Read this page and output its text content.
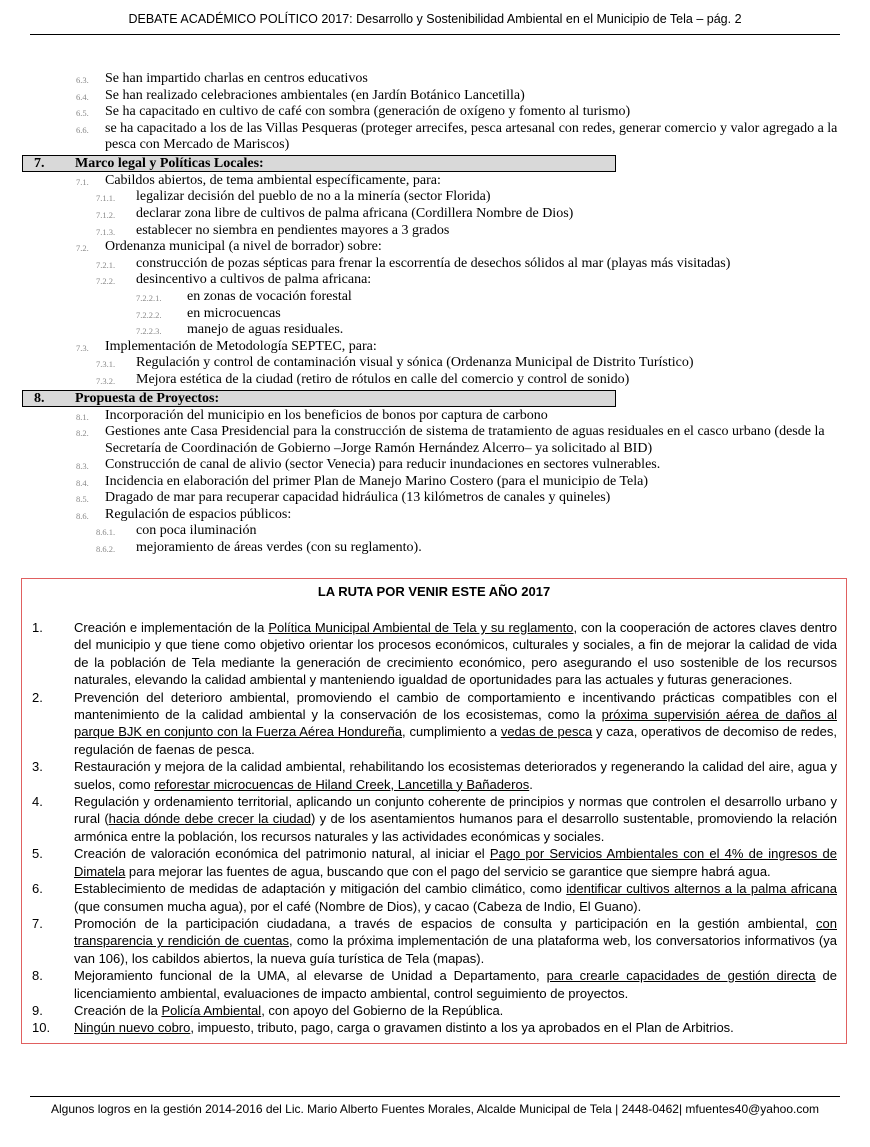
DEBATE ACADÉMICO POLÍTICO 2017: Desarrollo y Sostenibilidad Ambiental en el Municipio de Tela – pág. 2
6.3. Se han impartido charlas en centros educativos
6.4. Se han realizado celebraciones ambientales (en Jardín Botánico Lancetilla)
6.5. Se ha capacitado en cultivo de café con sombra (generación de oxígeno y fomento al turismo)
6.6. se ha capacitado a los de las Villas Pesqueras (proteger arrecifes, pesca artesanal con redes, generar comercio y valor agregado a la pesca con Mercado de Mariscos)
7. Marco legal y Políticas Locales:
7.1. Cabildos abiertos, de tema ambiental específicamente, para:
7.1.1. legalizar decisión del pueblo de no a la minería (sector Florida)
7.1.2. declarar zona libre de cultivos de palma africana (Cordillera Nombre de Dios)
7.1.3. establecer no siembra en pendientes mayores a 3 grados
7.2. Ordenanza municipal (a nivel de borrador) sobre:
7.2.1. construcción de pozas sépticas para frenar la escorrentía de desechos sólidos al mar (playas más visitadas)
7.2.2. desincentivo a cultivos de palma africana:
7.2.2.1. en zonas de vocación forestal
7.2.2.2. en microcuencas
7.2.2.3. manejo de aguas residuales.
7.3. Implementación de Metodología SEPTEC, para:
7.3.1. Regulación y control de contaminación visual y sónica (Ordenanza Municipal de Distrito Turístico)
7.3.2. Mejora estética de la ciudad (retiro de rótulos en calle del comercio y control de sonido)
8. Propuesta de Proyectos:
8.1. Incorporación del municipio en los beneficios de bonos por captura de carbono
8.2. Gestiones ante Casa Presidencial para la construcción de sistema de tratamiento de aguas residuales en el casco urbano (desde la Secretaría de Coordinación de Gobierno –Jorge Ramón Hernández Alcerro– ya solicitado al BID)
8.3. Construcción de canal de alivio (sector Venecia) para reducir inundaciones en sectores vulnerables.
8.4. Incidencia en elaboración del primer Plan de Manejo Marino Costero (para el municipio de Tela)
8.5. Dragado de mar para recuperar capacidad hidráulica (13 kilómetros de canales y quineles)
8.6. Regulación de espacios públicos:
8.6.1. con poca iluminación
8.6.2. mejoramiento de áreas verdes (con su reglamento).
LA RUTA POR VENIR ESTE AÑO 2017
1. Creación e implementación de la Política Municipal Ambiental de Tela y su reglamento, con la cooperación de actores claves dentro del municipio y que tiene como objetivo orientar los procesos económicos, culturales y sociales, a fin de mejorar la calidad de vida de la población de Tela mediante la generación de crecimiento económico, pero asegurando el uso sostenible de los recursos naturales, elevando la calidad ambiental y manteniendo igualdad de oportunidades para las actuales y futuras generaciones.
2. Prevención del deterioro ambiental, promoviendo el cambio de comportamiento e incentivando prácticas compatibles con el mantenimiento de la calidad ambiental y la conservación de los ecosistemas, como la próxima supervisión aérea de daños al parque BJK en conjunto con la Fuerza Aérea Hondureña, cumplimiento a vedas de pesca y caza, operativos de decomiso de redes, regulación de faenas de pesca.
3. Restauración y mejora de la calidad ambiental, rehabilitando los ecosistemas deteriorados y regenerando la calidad del aire, agua y suelos, como reforestar microcuencas de Hiland Creek, Lancetilla y Bañaderos.
4. Regulación y ordenamiento territorial, aplicando un conjunto coherente de principios y normas que controlen el desarrollo urbano y rural (hacia dónde debe crecer la ciudad) y de los asentamientos humanos para el desarrollo sustentable, promoviendo la relación armónica entre la población, los recursos naturales y las actividades económicas y sociales.
5. Creación de valoración económica del patrimonio natural, al iniciar el Pago por Servicios Ambientales con el 4% de ingresos de Dimatela para mejorar las fuentes de agua, buscando que con el pago del servicio se garantice que siempre habrá agua.
6. Establecimiento de medidas de adaptación y mitigación del cambio climático, como identificar cultivos alternos a la palma africana (que consumen mucha agua), por el café (Nombre de Dios), y cacao (Cabeza de Indio, El Guano).
7. Promoción de la participación ciudadana, a través de espacios de consulta y participación en la gestión ambiental, con transparencia y rendición de cuentas, como la próxima implementación de una plataforma web, los conversatorios informativos (ya van 106), los cabildos abiertos, la nueva guía turística de Tela (mapas).
8. Mejoramiento funcional de la UMA, al elevarse de Unidad a Departamento, para crearle capacidades de gestión directa de licenciamiento ambiental, evaluaciones de impacto ambiental, control seguimiento de proyectos.
9. Creación de la Policía Ambiental, con apoyo del Gobierno de la República.
10. Ningún nuevo cobro, impuesto, tributo, pago, carga o gravamen distinto a los ya aprobados en el Plan de Arbitrios.
Algunos logros en la gestión 2014-2016 del Lic. Mario Alberto Fuentes Morales, Alcalde Municipal de Tela | 2448-0462| mfuentes40@yahoo.com
